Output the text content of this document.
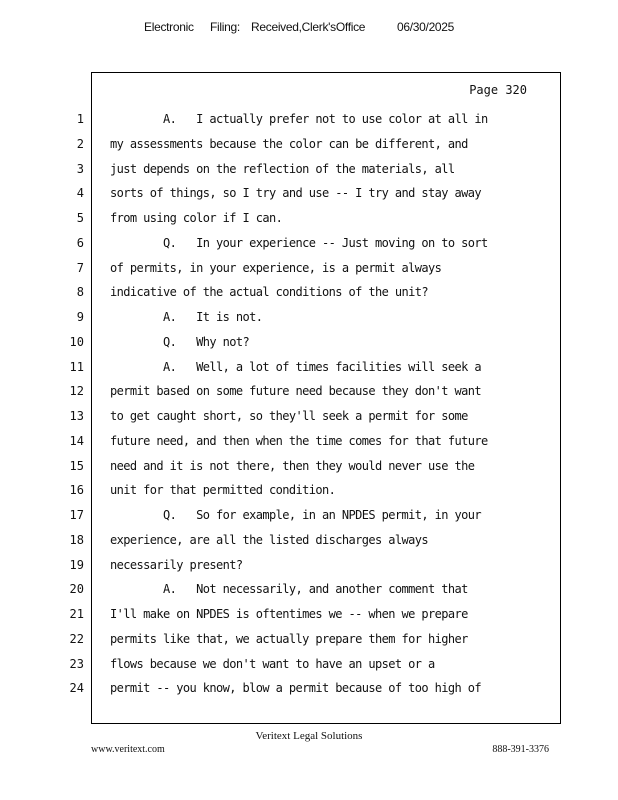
Electronic Filing: Received,Clerk'sOffice	06/30/2025
Page 320
1 A.   I actually prefer not to use color at all in
2 my assessments because the color can be different, and
3 just depends on the reflection of the materials, all
4 sorts of things, so I try and use -- I try and stay away
5 from using color if I can.
6 Q.   In your experience -- Just moving on to sort
7 of permits, in your experience, is a permit always
8 indicative of the actual conditions of the unit?
9 A.   It is not.
10 Q.   Why not?
11 A.   Well, a lot of times facilities will seek a
12 permit based on some future need because they don't want
13 to get caught short, so they'll seek a permit for some
14 future need, and then when the time comes for that future
15 need and it is not there, then they would never use the
16 unit for that permitted condition.
17 Q.   So for example, in an NPDES permit, in your
18 experience, are all the listed discharges always
19 necessarily present?
20 A.   Not necessarily, and another comment that
21 I'll make on NPDES is oftentimes we -- when we prepare
22 permits like that, we actually prepare them for higher
23 flows because we don't want to have an upset or a
24 permit -- you know, blow a permit because of too high of
Veritext Legal Solutions
www.veritext.com	888-391-3376
